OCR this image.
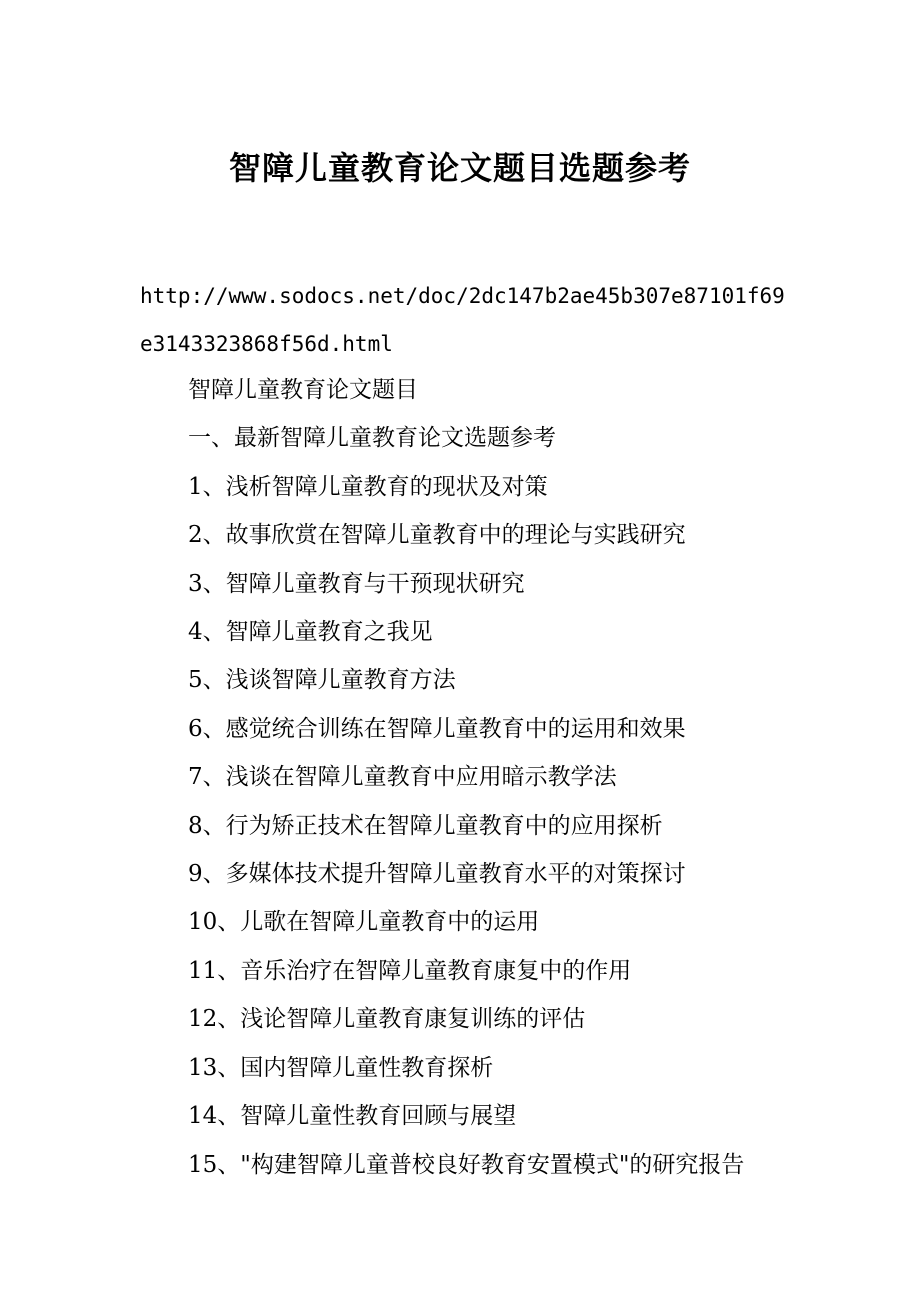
智障儿童教育论文题目选题参考
http://www.sodocs.net/doc/2dc147b2ae45b307e87101f69
e3143323868f56d.html
智障儿童教育论文题目
一、最新智障儿童教育论文选题参考
1、浅析智障儿童教育的现状及对策
2、故事欣赏在智障儿童教育中的理论与实践研究
3、智障儿童教育与干预现状研究
4、智障儿童教育之我见
5、浅谈智障儿童教育方法
6、感觉统合训练在智障儿童教育中的运用和效果
7、浅谈在智障儿童教育中应用暗示教学法
8、行为矫正技术在智障儿童教育中的应用探析
9、多媒体技术提升智障儿童教育水平的对策探讨
10、儿歌在智障儿童教育中的运用
11、音乐治疗在智障儿童教育康复中的作用
12、浅论智障儿童教育康复训练的评估
13、国内智障儿童性教育探析
14、智障儿童性教育回顾与展望
15、"构建智障儿童普校良好教育安置模式"的研究报告
